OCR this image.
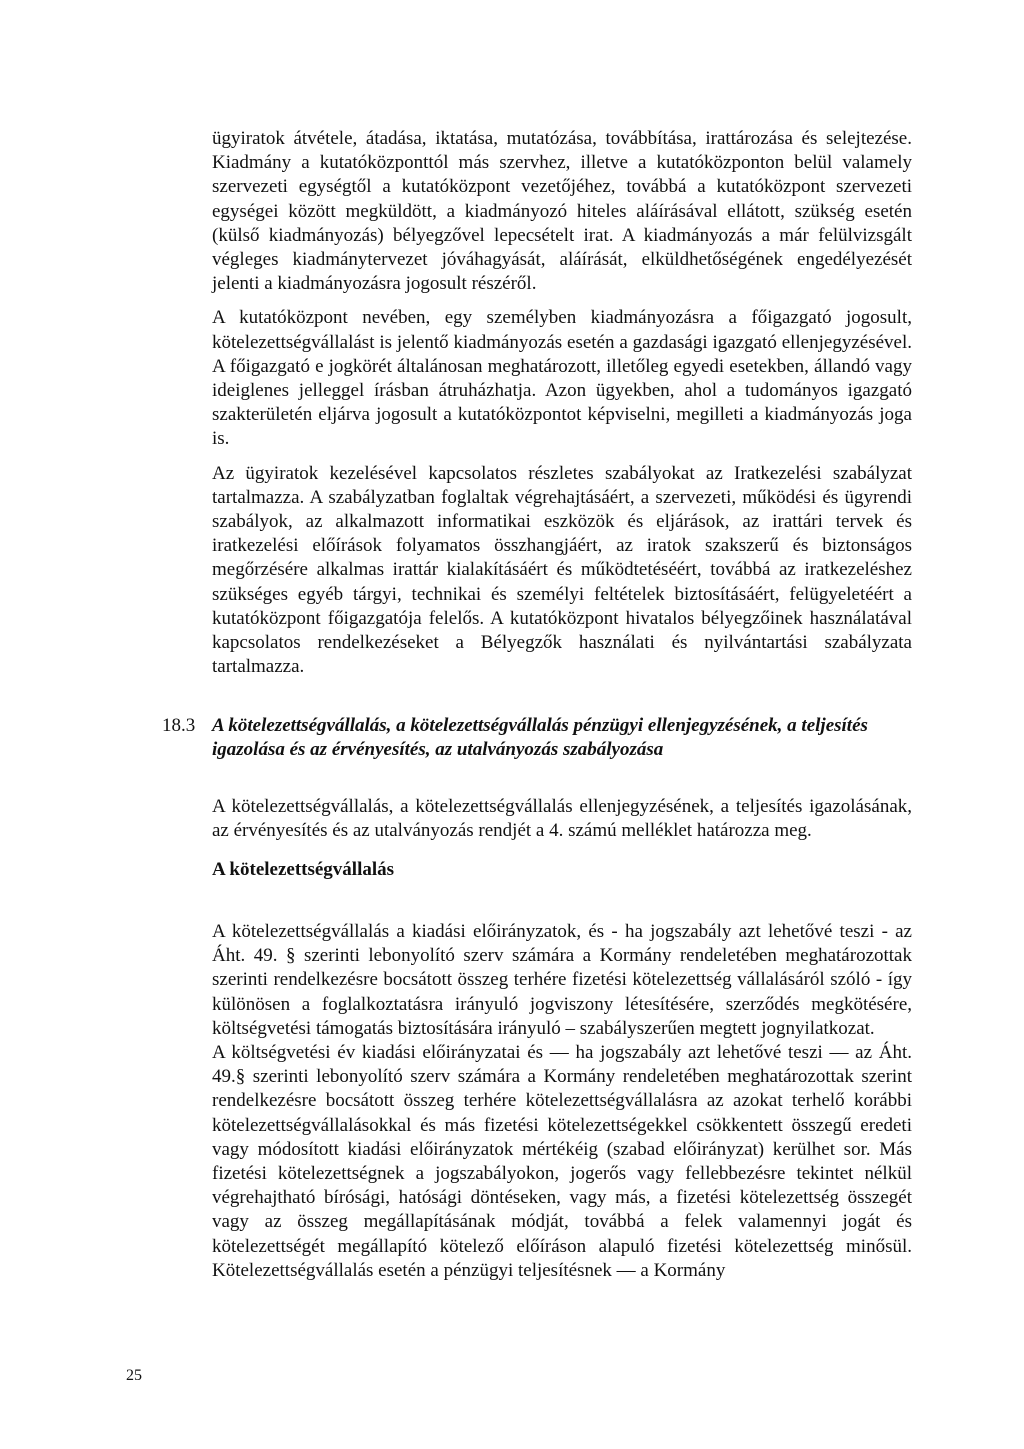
ügyiratok átvétele, átadása, iktatása, mutatózása, továbbítása, irattározása és selejtezése. Kiadmány a kutatóközponttól más szervhez, illetve a kutatóközponton belül valamely szervezeti egységtől a kutatóközpont vezetőjéhez, továbbá a kutatóközpont szervezeti egységei között megküldött, a kiadmányozó hiteles aláírásával ellátott, szükség esetén (külső kiadmányozás) bélyegzővel lepecsételt irat. A kiadmányozás a már felülvizsgált végleges kiadmánytervezet jóváhagyását, aláírását, elküldhetőségének engedélyezését jelenti a kiadmányozásra jogosult részéről.

A kutatóközpont nevében, egy személyben kiadmányozásra a főigazgató jogosult, kötelezettségvállalást is jelentő kiadmányozás esetén a gazdasági igazgató ellenjegyzésével. A főigazgató e jogkörét általánosan meghatározott, illetőleg egyedi esetekben, állandó vagy ideiglenes jelleggel írásban átruházhatja. Azon ügyekben, ahol a tudományos igazgató szakterületén eljárva jogosult a kutatóközpontot képviselni, megilleti a kiadmányozás joga is.

Az ügyiratok kezelésével kapcsolatos részletes szabályokat az Iratkezelési szabályzat tartalmazza. A szabályzatban foglaltak végrehajtásáért, a szervezeti, működési és ügyrendi szabályok, az alkalmazott informatikai eszközök és eljárások, az irattári tervek és iratkezelési előírások folyamatos összhangjáért, az iratok szakszerű és biztonságos megőrzésére alkalmas irattár kialakításáért és működtetéséért, továbbá az iratkezeléshez szükséges egyéb tárgyi, technikai és személyi feltételek biztosításáért, felügyeletéért a kutatóközpont főigazgatója felelős. A kutatóközpont hivatalos bélyegzőinek használatával kapcsolatos rendelkezéseket a Bélyegzők használati és nyilvántartási szabályzata tartalmazza.

18.3 A kötelezettségvállalás, a kötelezettségvállalás pénzügyi ellenjegyzésének, a teljesítés igazolása és az érvényesítés, az utalványozás szabályozása

A kötelezettségvállalás, a kötelezettségvállalás ellenjegyzésének, a teljesítés igazolásának, az érvényesítés és az utalványozás rendjét a 4. számú melléklet határozza meg.

A kötelezettségvállalás

A kötelezettségvállalás a kiadási előirányzatok, és - ha jogszabály azt lehetővé teszi - az Áht. 49. § szerinti lebonyolító szerv számára a Kormány rendeletében meghatározottak szerinti rendelkezésre bocsátott összeg terhére fizetési kötelezettség vállalásáról szóló - így különösen a foglalkoztatásra irányuló jogviszony létesítésére, szerződés megkötésére, költségvetési támogatás biztosítására irányuló – szabályszerűen megtett jognyilatkozat.

A költségvetési év kiadási előirányzatai és — ha jogszabály azt lehetővé teszi — az Áht. 49.§ szerinti lebonyolító szerv számára a Kormány rendeletében meghatározottak szerint rendelkezésre bocsátott összeg terhére kötelezettségvállalásra az azokat terhelő korábbi kötelezettségvállalásokkal és más fizetési kötelezettségekkel csökkentett összegű eredeti vagy módosított kiadási előirányzatok mértékéig (szabad előirányzat) kerülhet sor. Más fizetési kötelezettségnek a jogszabályokon, jogerős vagy fellebbezésre tekintet nélkül végrehajtható bírósági, hatósági döntéseken, vagy más, a fizetési kötelezettség összegét vagy az összeg megállapításának módját, továbbá a felek valamennyi jogát és kötelezettségét megállapító kötelező előíráson alapuló fizetési kötelezettség minősül. Kötelezettségvállalás esetén a pénzügyi teljesítésnek — a Kormány

25
